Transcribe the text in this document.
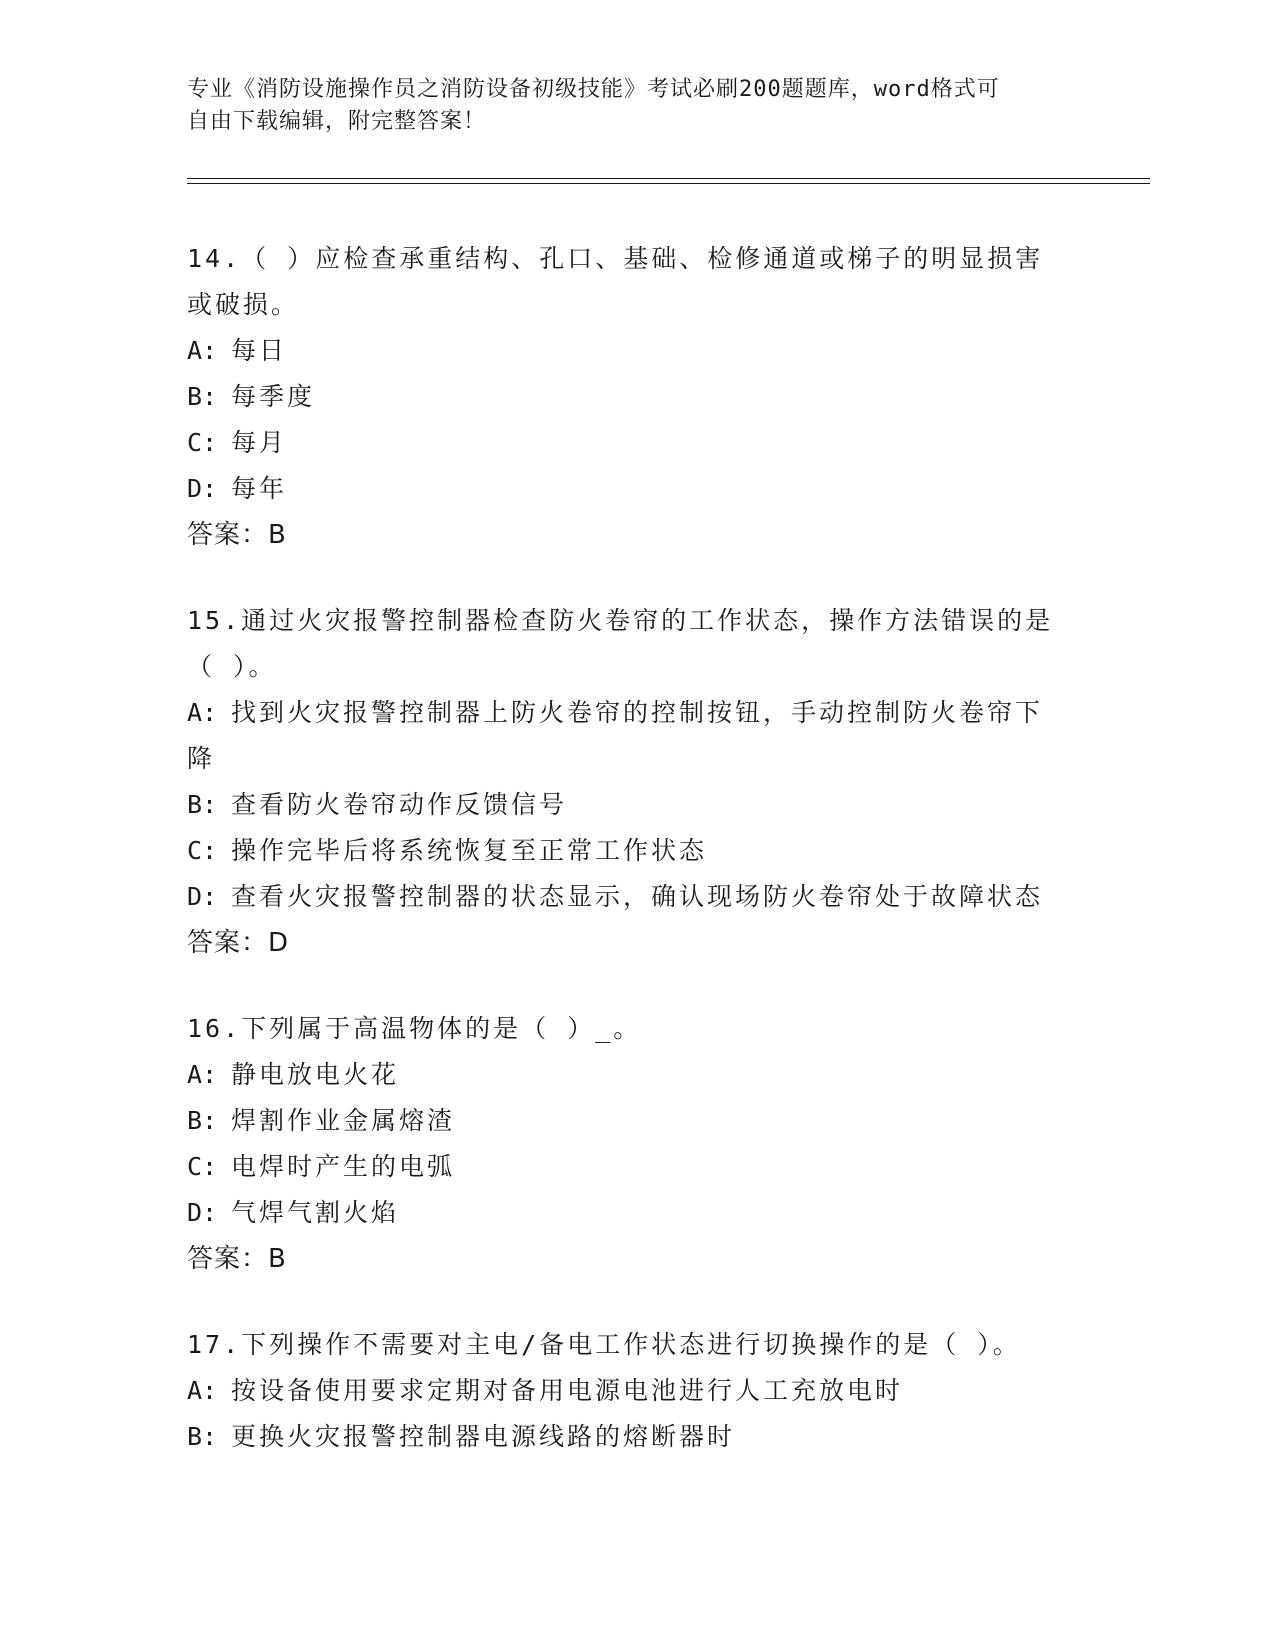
专业《消防设施操作员之消防设备初级技能》考试必刷200题题库，word格式可
自由下载编辑，附完整答案！
14.（ ）应检查承重结构、孔口、基础、检修通道或梯子的明显损害
或破损。
A: 每日
B: 每季度
C: 每月
D: 每年
答案：B
15.通过火灾报警控制器检查防火卷帘的工作状态，操作方法错误的是
（ ）。
A: 找到火灾报警控制器上防火卷帘的控制按钮，手动控制防火卷帘下
降
B: 查看防火卷帘动作反馈信号
C: 操作完毕后将系统恢复至正常工作状态
D: 查看火灾报警控制器的状态显示，确认现场防火卷帘处于故障状态
答案：D
16.下列属于高温物体的是（ ）_。
A: 静电放电火花
B: 焊割作业金属熔渣
C: 电焊时产生的电弧
D: 气焊气割火焰
答案：B
17.下列操作不需要对主电/备电工作状态进行切换操作的是（ ）。
A: 按设备使用要求定期对备用电源电池进行人工充放电时
B: 更换火灾报警控制器电源线路的熔断器时
